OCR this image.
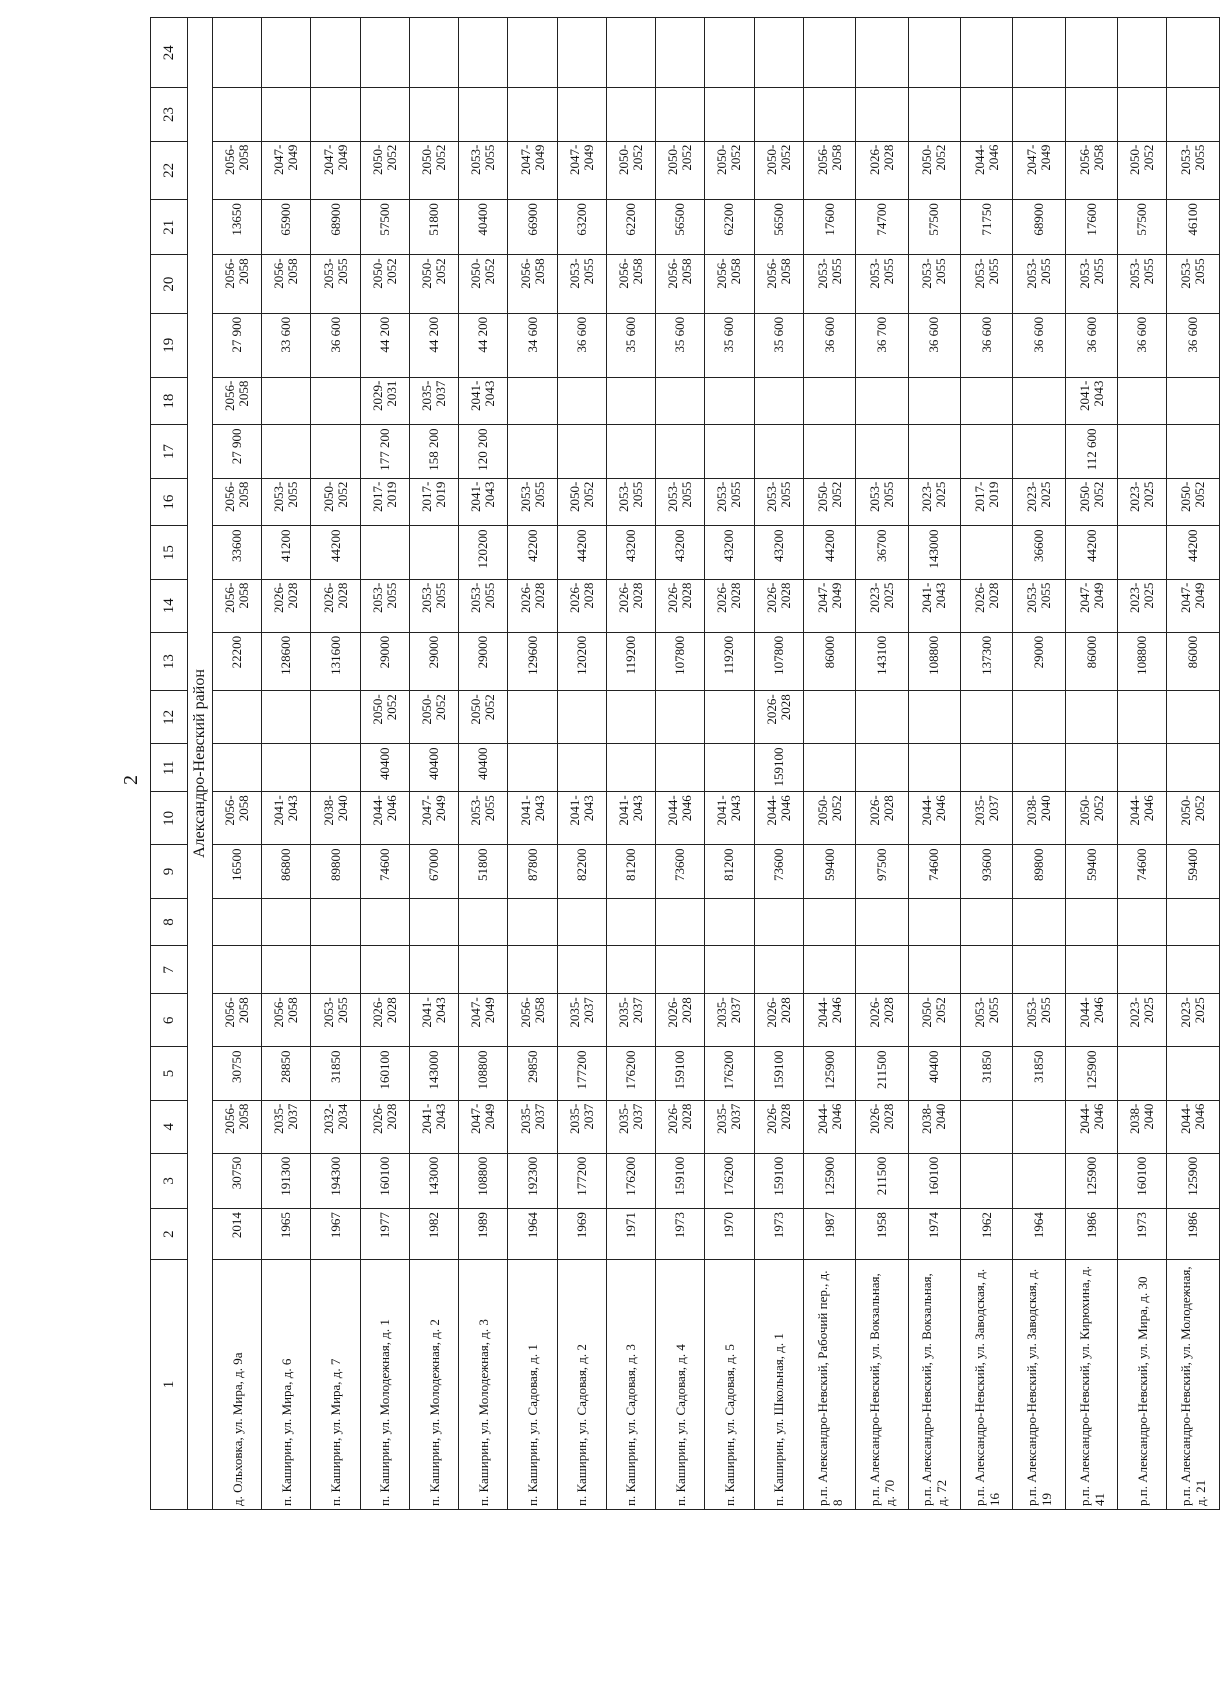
2
1	2	3	4	5	6	7	8	9	10	11	12	13	14	15	16	17	18	19	20	21	22	23	24
Александро-Невский район																							
д. Ольховка, ул. Мира, д. 9а	2014	30750	2056-2058	30750	2056-2058			16500	2056-2058			22200	2056-2058	33600	2056-2058	27 900	2056-2058	27 900	2056-2058	13650	2056-2058		
п. Каширин, ул. Мира, д. 6	1965	191300	2035-2037	28850	2056-2058			86800	2041-2043			128600	2026-2028	41200	2053-2055			33 600	2056-2058	65900	2047-2049		
п. Каширин, ул. Мира, д. 7	1967	194300	2032-2034	31850	2053-2055			89800	2038-2040			131600	2026-2028	44200	2050-2052			36 600	2053-2055	68900	2047-2049		
п. Каширин, ул. Молодежная, д. 1	1977	160100	2026-2028	160100	2026-2028			74600	2044-2046	40400	2050-2052	29000	2053-2055		2017-2019	177 200	2029-2031	44 200	2050-2052	57500	2050-2052		
п. Каширин, ул. Молодежная, д. 2	1982	143000	2041-2043	143000	2041-2043			67000	2047-2049	40400	2050-2052	29000	2053-2055		2017-2019	158 200	2035-2037	44 200	2050-2052	51800	2050-2052		
п. Каширин, ул. Молодежная, д. 3	1989	108800	2047-2049	108800	2047-2049			51800	2053-2055	40400	2050-2052	29000	2053-2055	120200	2041-2043	120 200	2041-2043	44 200	2050-2052	40400	2053-2055		
п. Каширин, ул. Садовая, д. 1	1964	192300	2035-2037	29850	2056-2058			87800	2041-2043			129600	2026-2028	42200	2053-2055			34 600	2056-2058	66900	2047-2049		
п. Каширин, ул. Садовая, д. 2	1969	177200	2035-2037	177200	2035-2037			82200	2041-2043			120200	2026-2028	44200	2050-2052			36 600	2053-2055	63200	2047-2049		
п. Каширин, ул. Садовая, д. 3	1971	176200	2035-2037	176200	2035-2037			81200	2041-2043			119200	2026-2028	43200	2053-2055			35 600	2056-2058	62200	2050-2052		
п. Каширин, ул. Садовая, д. 4	1973	159100	2026-2028	159100	2026-2028			73600	2044-2046			107800	2026-2028	43200	2053-2055			35 600	2056-2058	56500	2050-2052		
п. Каширин, ул. Садовая, д. 5	1970	176200	2035-2037	176200	2035-2037			81200	2041-2043			119200	2026-2028	43200	2053-2055			35 600	2056-2058	62200	2050-2052		
п. Каширин, ул. Школьная, д. 1	1973	159100	2026-2028	159100	2026-2028			73600	2044-2046	159100	2026-2028	107800	2026-2028	43200	2053-2055			35 600	2056-2058	56500	2050-2052		
р.п. Александро-Невский, Рабочий пер., д. 8	1987	125900	2044-2046	125900	2044-2046			59400	2050-2052			86000	2047-2049	44200	2050-2052			36 600	2053-2055	17600	2056-2058		
р.п. Александро-Невский, ул. Вокзальная, д. 70	1958	211500	2026-2028	211500	2026-2028			97500	2026-2028			143100	2023-2025	36700	2053-2055			36 700	2053-2055	74700	2026-2028		
р.п. Александро-Невский, ул. Вокзальная, д. 72	1974	160100	2038-2040	40400	2050-2052			74600	2044-2046			108800	2041-2043	143000	2023-2025			36 600	2053-2055	57500	2050-2052		
р.п. Александро-Невский, ул. Заводская, д. 16	1962			31850	2053-2055			93600	2035-2037			137300	2026-2028		2017-2019			36 600	2053-2055	71750	2044-2046		
р.п. Александро-Невский, ул. Заводская, д. 19	1964			31850	2053-2055			89800	2038-2040			29000	2053-2055	36600	2023-2025			36 600	2053-2055	68900	2047-2049		
р.п. Александро-Невский, ул. Кирюхина, д. 41	1986	125900	2044-2046	125900	2044-2046			59400	2050-2052			86000	2047-2049	44200	2050-2052	112 600	2041-2043	36 600	2053-2055	17600	2056-2058		
р.п. Александро-Невский, ул. Мира, д. 30	1973	160100	2038-2040		2023-2025			74600	2044-2046			108800	2023-2025		2023-2025			36 600	2053-2055	57500	2050-2052		
р.п. Александро-Невский, ул. Молодежная, д. 21	1986	125900	2044-2046		2023-2025			59400	2050-2052			86000	2047-2049	44200	2050-2052			36 600	2053-2055	46100	2053-2055		
